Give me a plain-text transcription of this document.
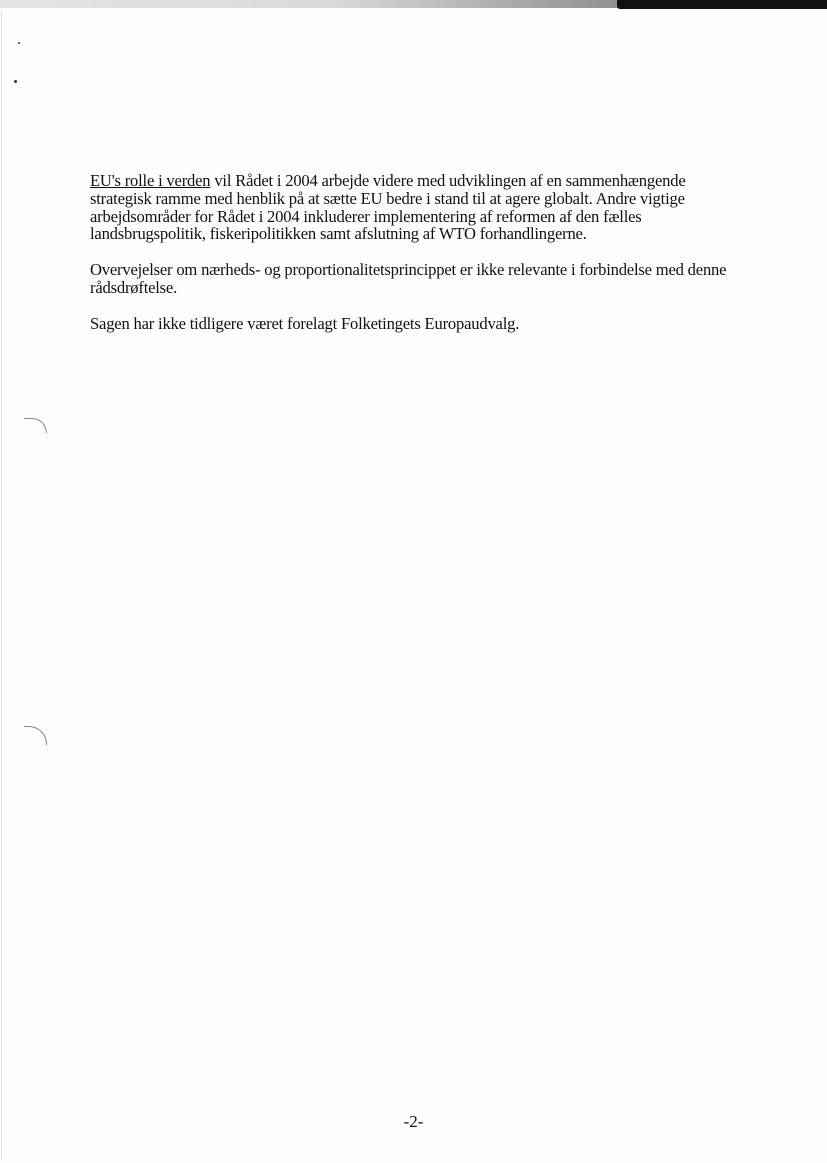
EU's rolle i verden vil Rådet i 2004 arbejde videre med udviklingen af en sammenhængende strategisk ramme med henblik på at sætte EU bedre i stand til at agere globalt. Andre vigtige arbejdsområder for Rådet i 2004 inkluderer implementering af reformen af den fælles landsbrugspolitik, fiskeripolitikken samt afslutning af WTO forhandlingerne.

Overvejelser om nærheds- og proportionalitetsprincippet er ikke relevante i forbindelse med denne rådsdrøftelse.

Sagen har ikke tidligere været forelagt Folketingets Europaudvalg.

-2-
